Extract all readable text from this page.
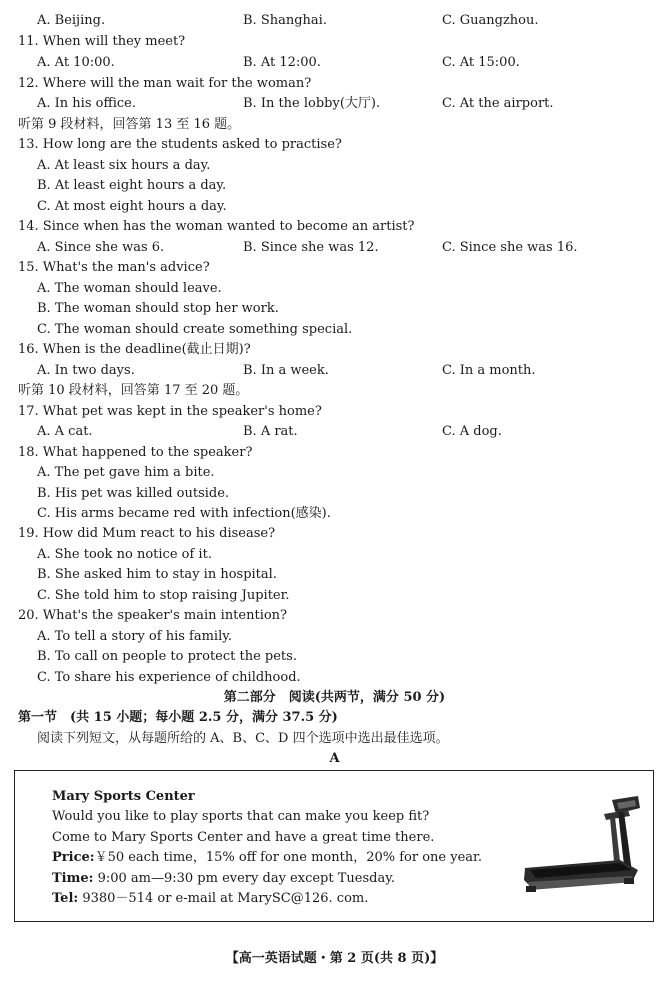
A. Beijing.	B. Shanghai.	C. Guangzhou.
11. When will they meet?
A. At 10:00.	B. At 12:00.	C. At 15:00.
12. Where will the man wait for the woman?
A. In his office.	B. In the lobby(大厅).	C. At the airport.
听第 9 段材料，回答第 13 至 16 题。
13. How long are the students asked to practise?
A. At least six hours a day.
B. At least eight hours a day.
C. At most eight hours a day.
14. Since when has the woman wanted to become an artist?
A. Since she was 6.	B. Since she was 12.	C. Since she was 16.
15. What's the man's advice?
A. The woman should leave.
B. The woman should stop her work.
C. The woman should create something special.
16. When is the deadline(截止日期)?
A. In two days.	B. In a week.	C. In a month.
听第 10 段材料，回答第 17 至 20 题。
17. What pet was kept in the speaker's home?
A. A cat.	B. A rat.	C. A dog.
18. What happened to the speaker?
A. The pet gave him a bite.
B. His pet was killed outside.
C. His arms became red with infection(感染).
19. How did Mum react to his disease?
A. She took no notice of it.
B. She asked him to stay in hospital.
C. She told him to stop raising Jupiter.
20. What's the speaker's main intention?
A. To tell a story of his family.
B. To call on people to protect the pets.
C. To share his experience of childhood.
第二部分　阅读(共两节，满分 50 分)
第一节　(共 15 小题；每小题 2.5 分，满分 37.5 分)
阅读下列短文，从每题所给的 A、B、C、D 四个选项中选出最佳选项。
A
Mary Sports Center
Would you like to play sports that can make you keep fit?
Come to Mary Sports Center and have a great time there.
Price:￥50 each time，15% off for one month，20% for one year.
Time: 9:00 am—9:30 pm every day except Tuesday.
Tel: 9380－514 or e-mail at MarySC@126. com.
【高一英语试题・第 2 页(共 8 页)】
